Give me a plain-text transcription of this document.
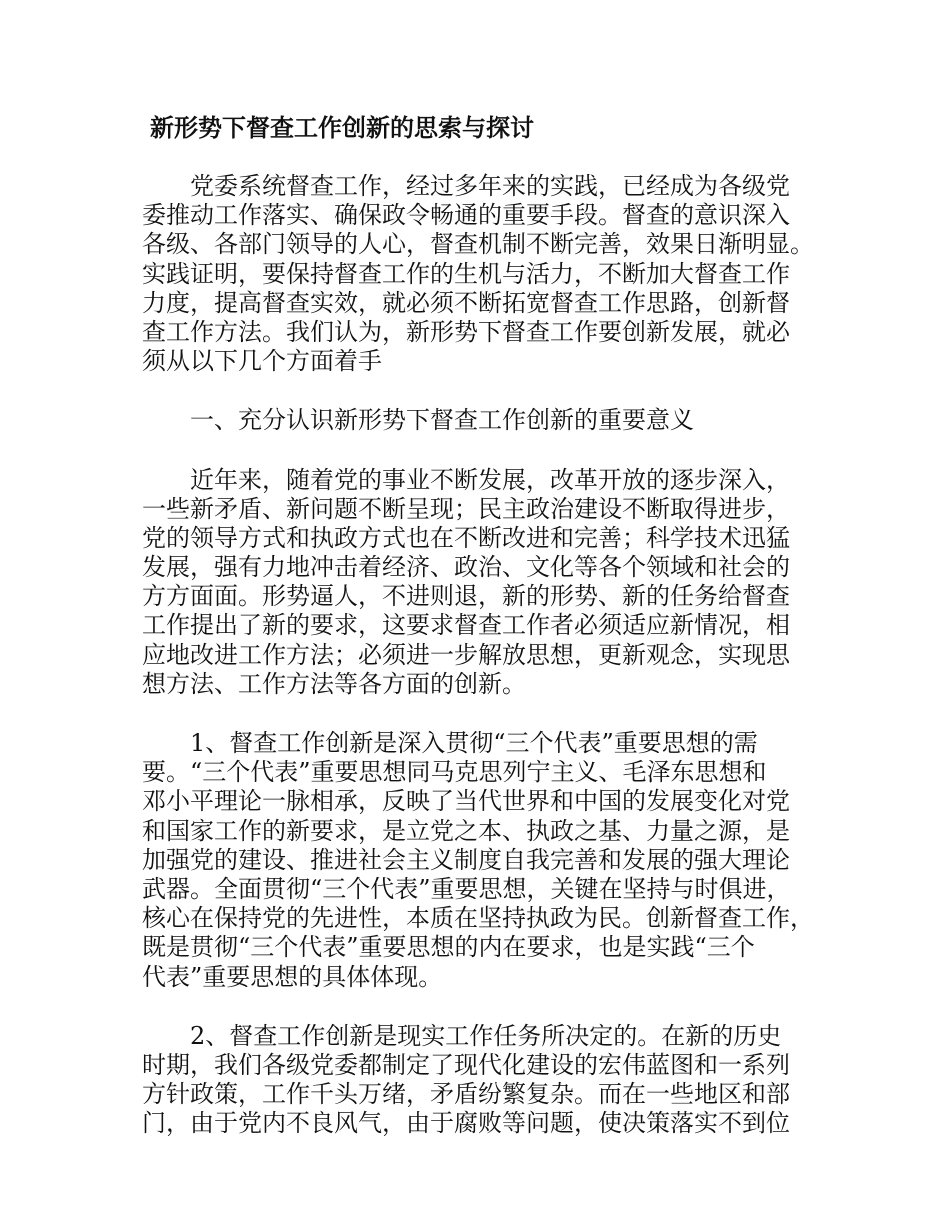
新形势下督查工作创新的思索与探讨

党委系统督查工作，经过多年来的实践，已经成为各级党
委推动工作落实、确保政令畅通的重要手段。督查的意识深入
各级、各部门领导的人心，督查机制不断完善，效果日渐明显。
实践证明，要保持督查工作的生机与活力，不断加大督查工作
力度，提高督查实效，就必须不断拓宽督查工作思路，创新督
查工作方法。我们认为，新形势下督查工作要创新发展，就必
须从以下几个方面着手

一、充分认识新形势下督查工作创新的重要意义

近年来，随着党的事业不断发展，改革开放的逐步深入，
一些新矛盾、新问题不断呈现；民主政治建设不断取得进步，
党的领导方式和执政方式也在不断改进和完善；科学技术迅猛
发展，强有力地冲击着经济、政治、文化等各个领域和社会的
方方面面。形势逼人，不进则退，新的形势、新的任务给督查
工作提出了新的要求，这要求督查工作者必须适应新情况，相
应地改进工作方法；必须进一步解放思想，更新观念，实现思
想方法、工作方法等各方面的创新。

1、督查工作创新是深入贯彻“三个代表”重要思想的需
要。“三个代表”重要思想同马克思列宁主义、毛泽东思想和
邓小平理论一脉相承，反映了当代世界和中国的发展变化对党
和国家工作的新要求，是立党之本、执政之基、力量之源，是
加强党的建设、推进社会主义制度自我完善和发展的强大理论
武器。全面贯彻“三个代表”重要思想，关键在坚持与时俱进，
核心在保持党的先进性，本质在坚持执政为民。创新督查工作，
既是贯彻“三个代表”重要思想的内在要求，也是实践“三个
代表”重要思想的具体体现。

2、督查工作创新是现实工作任务所决定的。在新的历史
时期，我们各级党委都制定了现代化建设的宏伟蓝图和一系列
方针政策，工作千头万绪，矛盾纷繁复杂。而在一些地区和部
门，由于党内不良风气，由于腐败等问题，使决策落实不到位
